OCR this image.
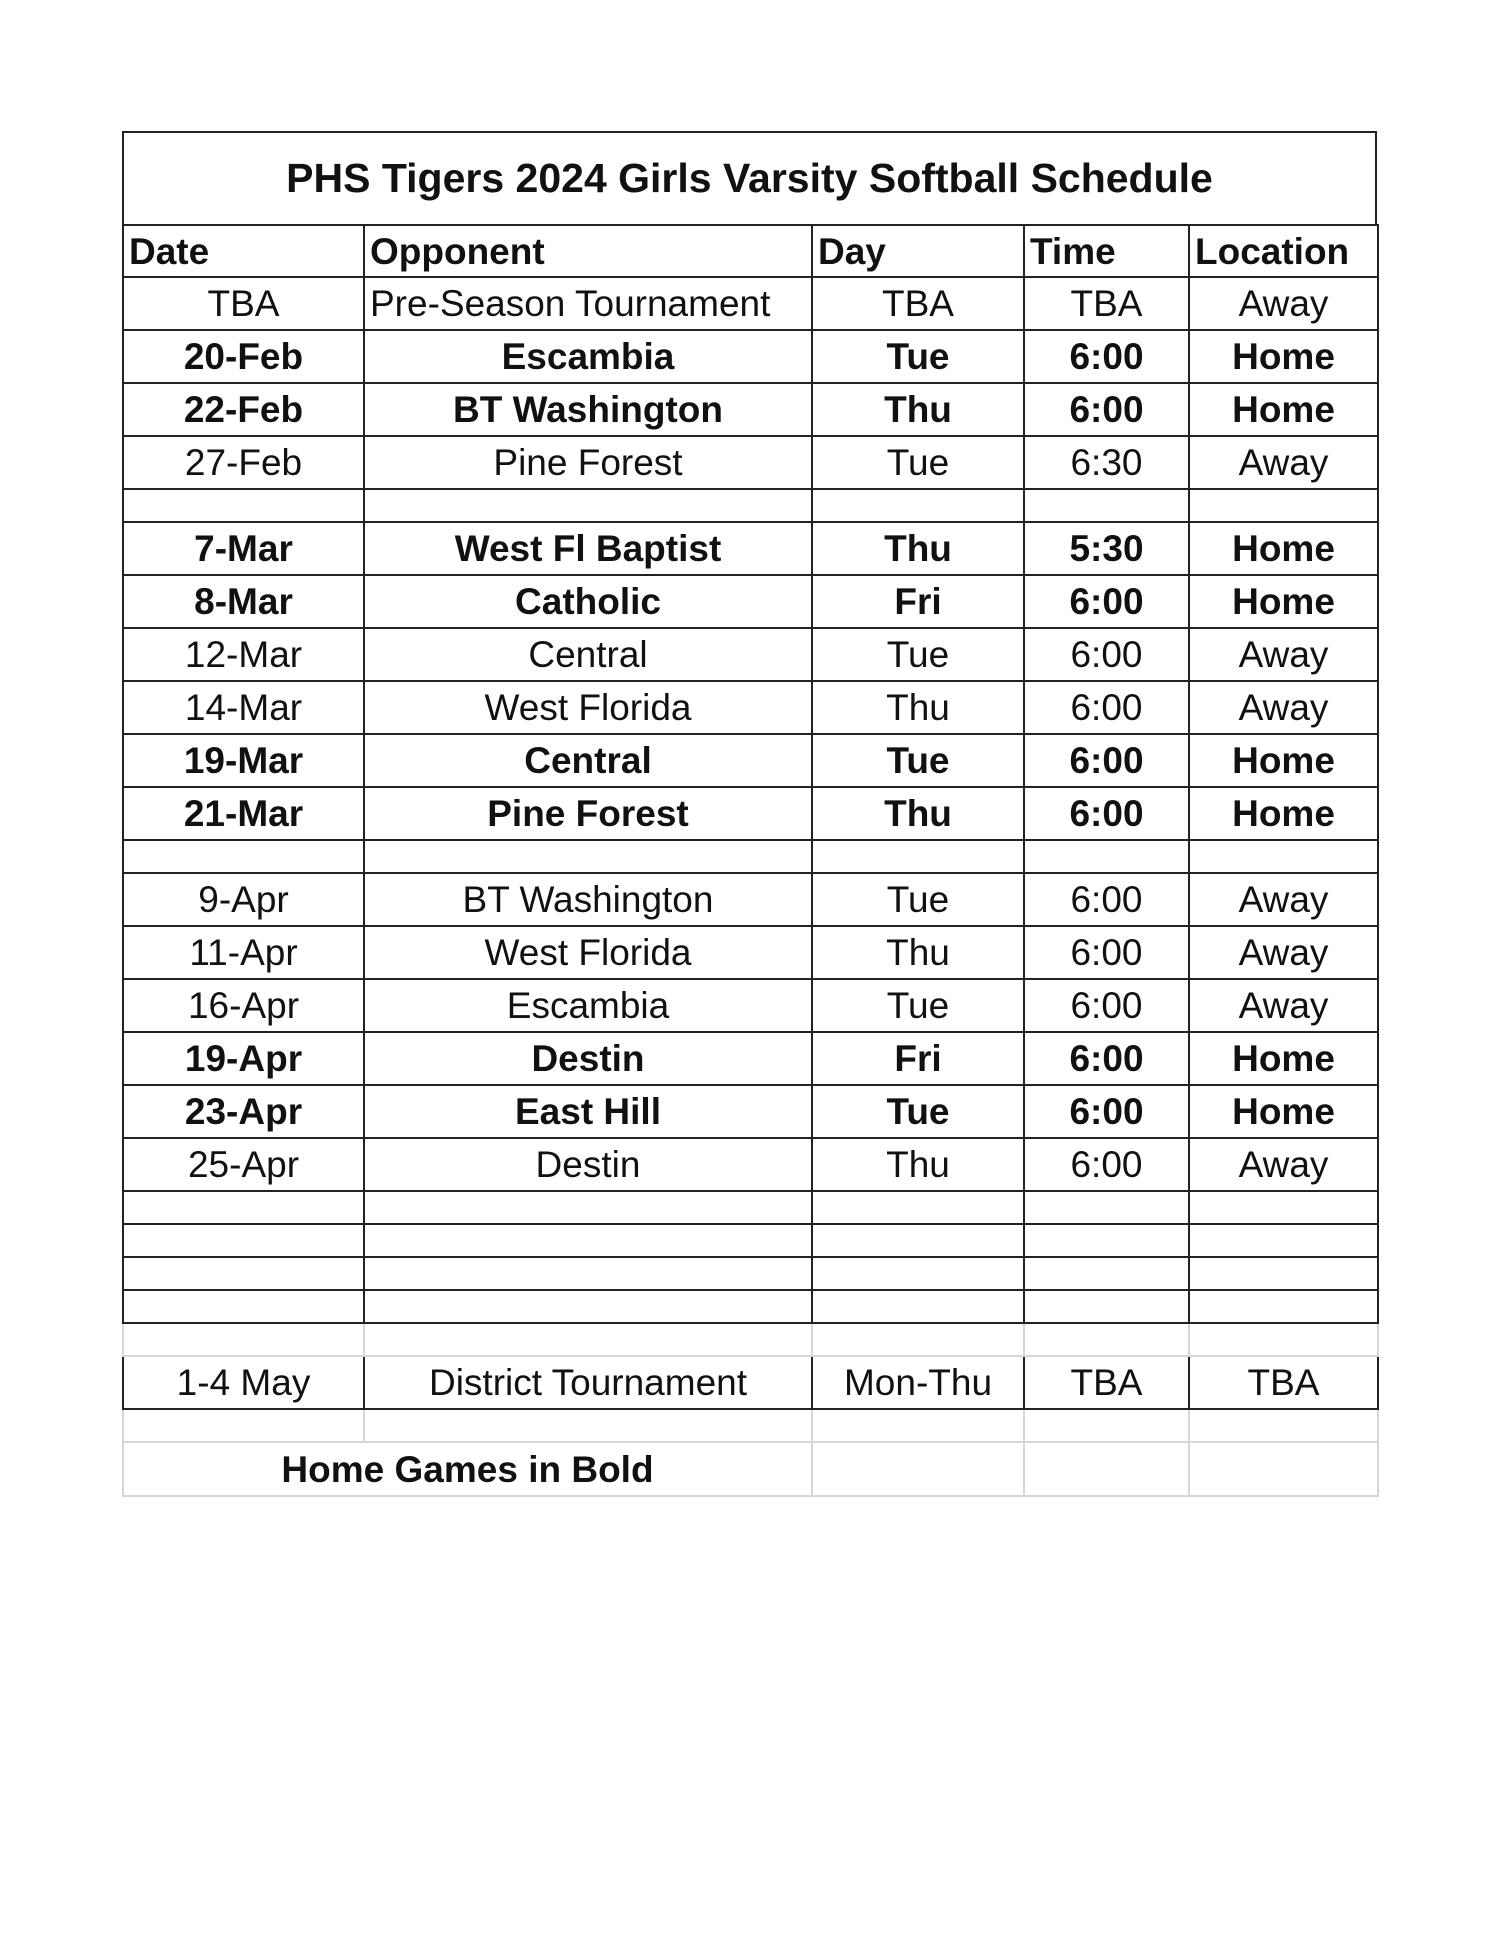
PHS Tigers 2024 Girls Varsity Softball Schedule
Date	Opponent	Day	Time	Location
TBA	Pre-Season Tournament	TBA	TBA	Away
20-Feb	Escambia	Tue	6:00	Home
22-Feb	BT Washington	Thu	6:00	Home
27-Feb	Pine Forest	Tue	6:30	Away

7-Mar	West Fl Baptist	Thu	5:30	Home
8-Mar	Catholic	Fri	6:00	Home
12-Mar	Central	Tue	6:00	Away
14-Mar	West Florida	Thu	6:00	Away
19-Mar	Central	Tue	6:00	Home
21-Mar	Pine Forest	Thu	6:00	Home

9-Apr	BT Washington	Tue	6:00	Away
11-Apr	West Florida	Thu	6:00	Away
16-Apr	Escambia	Tue	6:00	Away
19-Apr	Destin	Fri	6:00	Home
23-Apr	East Hill	Tue	6:00	Home
25-Apr	Destin	Thu	6:00	Away

1-4 May	District Tournament	Mon-Thu	TBA	TBA

Home Games in Bold				
